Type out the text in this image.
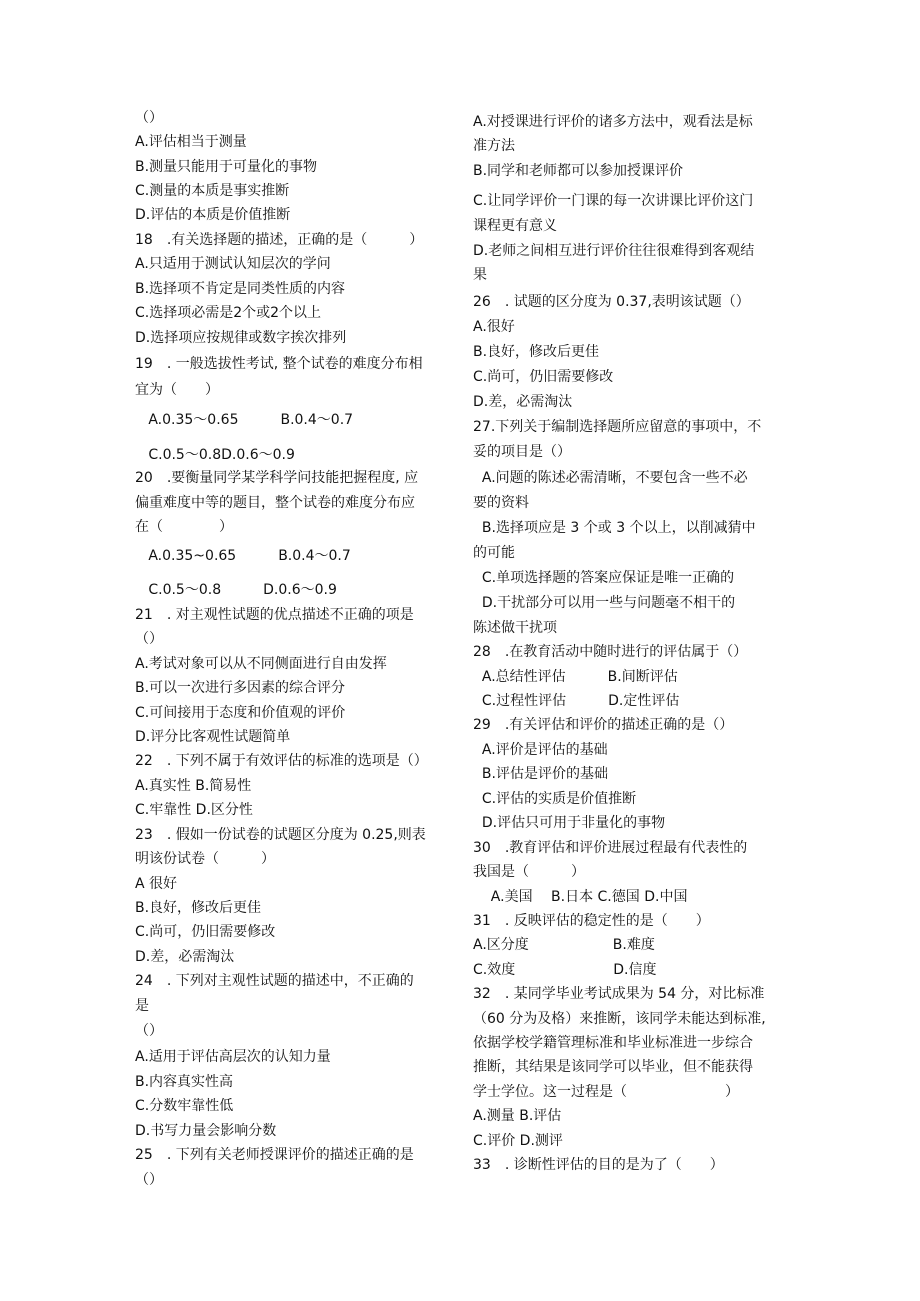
（）
A.评估相当于测量
B.测量只能用于可量化的事物
C.测量的本质是事实推断
D.评估的本质是价值推断
18　.有关选择题的描述，正确的是（　　　）
A.只适用于测试认知层次的学问
B.选择项不肯定是同类性质的内容
C.选择项必需是2个或2个以上
D.选择项应按规律或数字挨次排列
19　. 一般选拔性考试, 整个试卷的难度分布相
宜为（　　）
A.0.35～0.65　　　B.0.4～0.7
C.0.5～0.8D.0.6～0.9
20　.要衡量同学某学科学问技能把握程度, 应
偏重难度中等的题目，整个试卷的难度分布应
在（　　　　）
A.0.35~0.65　　　B.0.4～0.7
C.0.5～0.8　　　D.0.6～0.9
21　. 对主观性试题的优点描述不正确的项是
（）
A.考试对象可以从不同侧面进行自由发挥
B.可以一次进行多因素的综合评分
C.可间接用于态度和价值观的评价
D.评分比客观性试题简单
22　. 下列不属于有效评估的标准的选项是（）
A.真实性 B.简易性
C.牢靠性 D.区分性
23　. 假如一份试卷的试题区分度为 0.25,则表
明该份试卷（　　　）
A 很好
B.良好，修改后更佳
C.尚可，仍旧需要修改
D.差，必需淘汰
24　. 下列对主观性试题的描述中，不正确的
是
（）
A.适用于评估高层次的认知力量
B.内容真实性高
C.分数牢靠性低
D.书写力量会影响分数
25　. 下列有关老师授课评价的描述正确的是
（）
A.对授课进行评价的诸多方法中，观看法是标
准方法
B.同学和老师都可以参加授课评价
C.让同学评价一门课的每一次讲课比评价这门
课程更有意义
D.老师之间相互进行评价往往很难得到客观结
果
26　. 试题的区分度为 0.37,表明该试题（）
A.很好
B.良好，修改后更佳
C.尚可，仍旧需要修改
D.差，必需淘汰
27.下列关于编制选择题所应留意的事项中，不
妥的项目是（）
A.问题的陈述必需清晰，不要包含一些不必
要的资料
B.选择项应是 3 个或 3 个以上，以削减猜中
的可能
C.单项选择题的答案应保证是唯一正确的
D.干扰部分可以用一些与问题毫不相干的
陈述做干扰项
28　.在教育活动中随时进行的评估属于（）
A.总结性评估　　　B.间断评估
C.过程性评估　　　D.定性评估
29　.有关评估和评价的描述正确的是（）
A.评价是评估的基础
B.评估是评价的基础
C.评估的实质是价值推断
D.评估只可用于非量化的事物
30　.教育评估和评价进展过程最有代表性的
我国是（　　　）
A.美国　 B.日本 C.德国 D.中国
31　. 反映评估的稳定性的是（　　）
A.区分度　　　　　　B.难度
C.效度　　　　　　　D.信度
32　. 某同学毕业考试成果为 54 分，对比标准
（60 分为及格）来推断，该同学未能达到标准,
依据学校学籍管理标准和毕业标准进一步综合
推断，其结果是该同学可以毕业，但不能获得
学士学位。这一过程是（　　　　　　　）
A.测量 B.评估
C.评价 D.测评
33　. 诊断性评估的目的是为了（　　）
